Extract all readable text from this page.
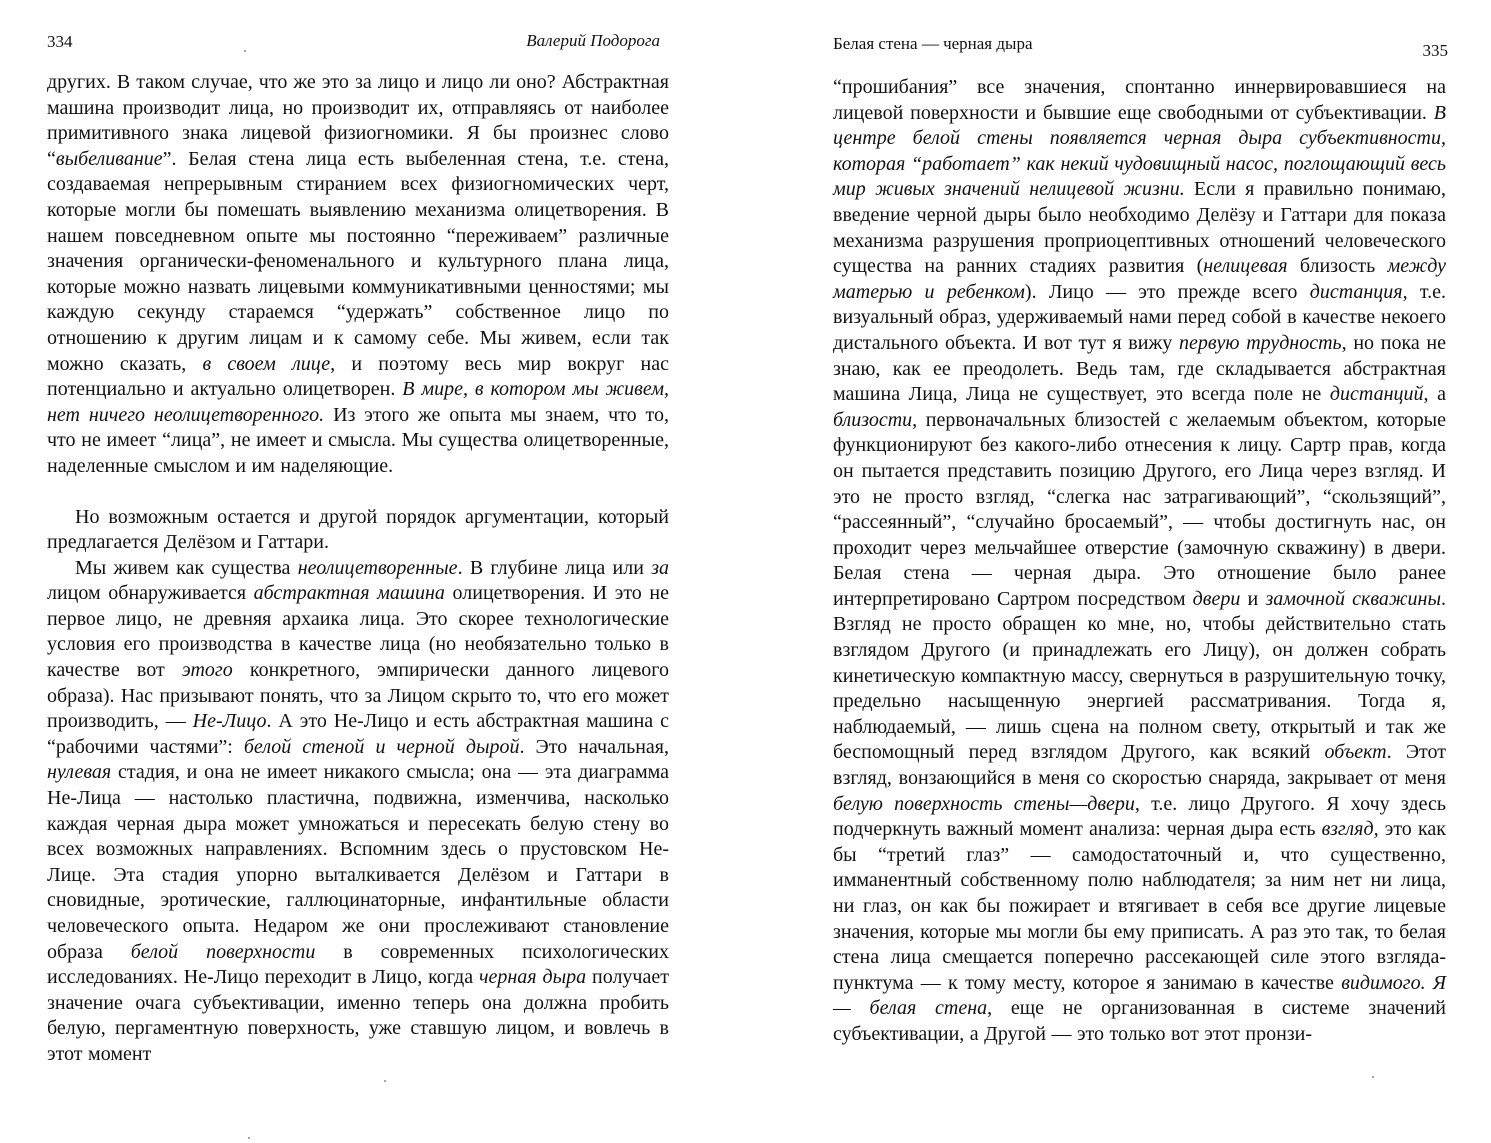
334	Валерий Подорога

других. В таком случае, что же это за лицо и лицо ли оно? Абстрактная машина производит лица, но производит их, отправляясь от наиболее примитивного знака лицевой физиогномики. Я бы произнес слово “выбеливание”. Белая стена лица есть выбеленная стена, т.е. стена, создаваемая непрерывным стиранием всех физиогномических черт, которые могли бы помешать выявлению механизма олицетворения. В нашем повседневном опыте мы постоянно “переживаем” различные значения органически-феноменального и культурного плана лица, которые можно назвать лицевыми коммуникативными ценностями; мы каждую секунду стараемся “удержать” собственное лицо по отношению к другим лицам и к самому себе. Мы живем, если так можно сказать, в своем лице, и поэтому весь мир вокруг нас потенциально и актуально олицетворен. В мире, в котором мы живем, нет ничего неолицетворенного. Из этого же опыта мы знаем, что то, что не имеет “лица”, не имеет и смысла. Мы существа олицетворенные, наделенные смыслом и им наделяющие.

Но возможным остается и другой порядок аргументации, который предлагается Делёзом и Гаттари.

Мы живем как существа неолицетворенные. В глубине лица или за лицом обнаруживается абстрактная машина олицетворения. И это не первое лицо, не древняя архаика лица. Это скорее технологические условия его производства в качестве лица (но необязательно только в качестве вот этого конкретного, эмпирически данного лицевого образа). Нас призывают понять, что за Лицом скрыто то, что его может производить, — Не-Лицо. А это Не-Лицо и есть абстрактная машина с “рабочими частями”: белой стеной и черной дырой. Это начальная, нулевая стадия, и она не имеет никакого смысла; она — эта диаграмма Не-Лица — настолько пластична, подвижна, изменчива, насколько каждая черная дыра может умножаться и пересекать белую стену во всех возможных направлениях. Вспомним здесь о прустовском Не-Лице. Эта стадия упорно выталкивается Делёзом и Гаттари в сновидные, эротические, галлюцинаторные, инфантильные области человеческого опыта. Недаром же они прослеживают становление образа белой поверхности в современных психологических исследованиях. Не-Лицо переходит в Лицо, когда черная дыра получает значение очага субъективации, именно теперь она должна пробить белую, пергаментную поверхность, уже ставшую лицом, и вовлечь в этот момент

Белая стена — черная дыра	335

“прошибания” все значения, спонтанно иннервировавшиеся на лицевой поверхности и бывшие еще свободными от субъективации. В центре белой стены появляется черная дыра субъективности, которая “работает” как некий чудовищный насос, поглощающий весь мир живых значений нелицевой жизни. Если я правильно понимаю, введение черной дыры было необходимо Делёзу и Гаттари для показа механизма разрушения проприоцептивных отношений человеческого существа на ранних стадиях развития (нелицевая близость между матерью и ребенком). Лицо — это прежде всего дистанция, т.е. визуальный образ, удерживаемый нами перед собой в качестве некоего дистального объекта. И вот тут я вижу первую трудность, но пока не знаю, как ее преодолеть. Ведь там, где складывается абстрактная машина Лица, Лица не существует, это всегда поле не дистанций, а близости, первоначальных близостей с желаемым объектом, которые функционируют без какого-либо отнесения к лицу. Сартр прав, когда он пытается представить позицию Другого, его Лица через взгляд. И это не просто взгляд, “слегка нас затрагивающий”, “скользящий”, “рассеянный”, “случайно бросаемый”, — чтобы достигнуть нас, он проходит через мельчайшее отверстие (замочную скважину) в двери. Белая стена — черная дыра. Это отношение было ранее интерпретировано Сартром посредством двери и замочной скважины. Взгляд не просто обращен ко мне, но, чтобы действительно стать взглядом Другого (и принадлежать его Лицу), он должен собрать кинетическую компактную массу, свернуться в разрушительную точку, предельно насыщенную энергией рассматривания. Тогда я, наблюдаемый, — лишь сцена на полном свету, открытый и так же беспомощный перед взглядом Другого, как всякий объект. Этот взгляд, вонзающийся в меня со скоростью снаряда, закрывает от меня белую поверхность стены—двери, т.е. лицо Другого. Я хочу здесь подчеркнуть важный момент анализа: черная дыра есть взгляд, это как бы “третий глаз” — самодостаточный и, что существенно, имманентный собственному полю наблюдателя; за ним нет ни лица, ни глаз, он как бы пожирает и втягивает в себя все другие лицевые значения, которые мы могли бы ему приписать. А раз это так, то белая стена лица смещается поперечно рассекающей силе этого взгляда-пунктума — к тому месту, которое я занимаю в качестве видимого. Я — белая стена, еще не организованная в системе значений субъективации, а Другой — это только вот этот пронзи-
